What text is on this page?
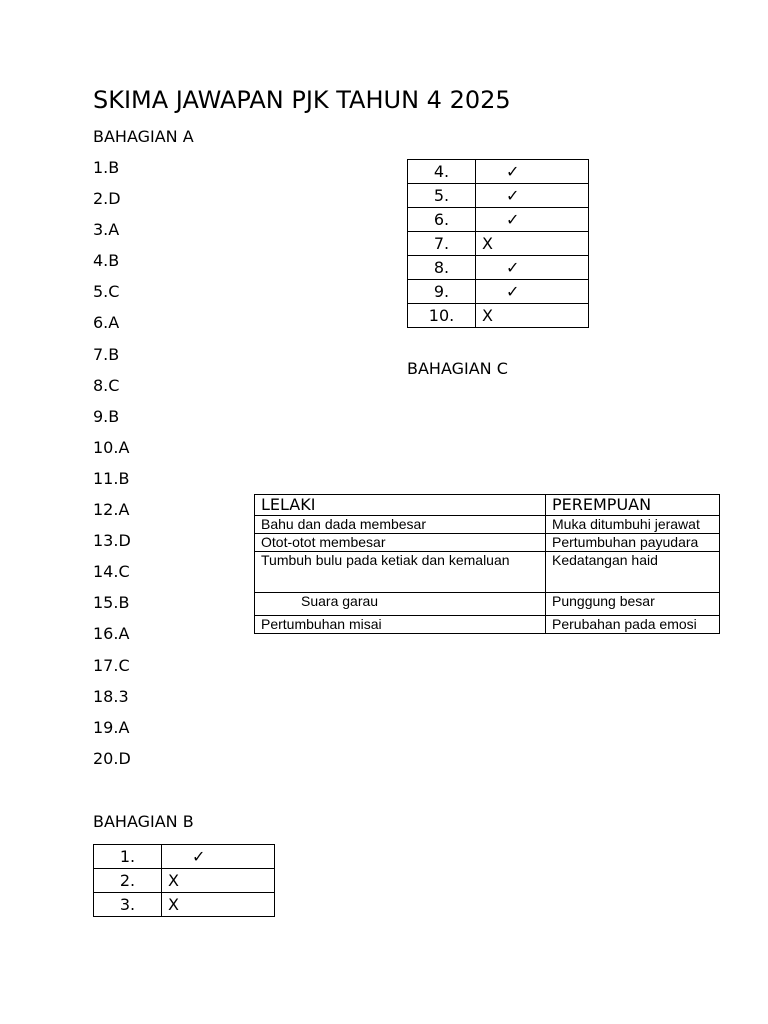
SKIMA JAWAPAN PJK TAHUN 4 2025
BAHAGIAN A
1.B
2.D
3.A
4.B
5.C
6.A
7.B
8.C
9.B
10.A
11.B
12.A
13.D
14.C
15.B
16.A
17.C
18.3
19.A
20.D
4.	✓
5.	✓
6.	✓
7.	X
8.	✓
9.	✓
10.	X
BAHAGIAN C
LELAKI	PEREMPUAN
Bahu dan dada membesar	Muka ditumbuhi jerawat
Otot-otot membesar	Pertumbuhan payudara
Tumbuh bulu pada ketiak dan kemaluan	Kedatangan haid
Suara garau	Punggung besar
Pertumbuhan misai	Perubahan pada emosi
BAHAGIAN B
1.	✓
2.	X
3.	X
